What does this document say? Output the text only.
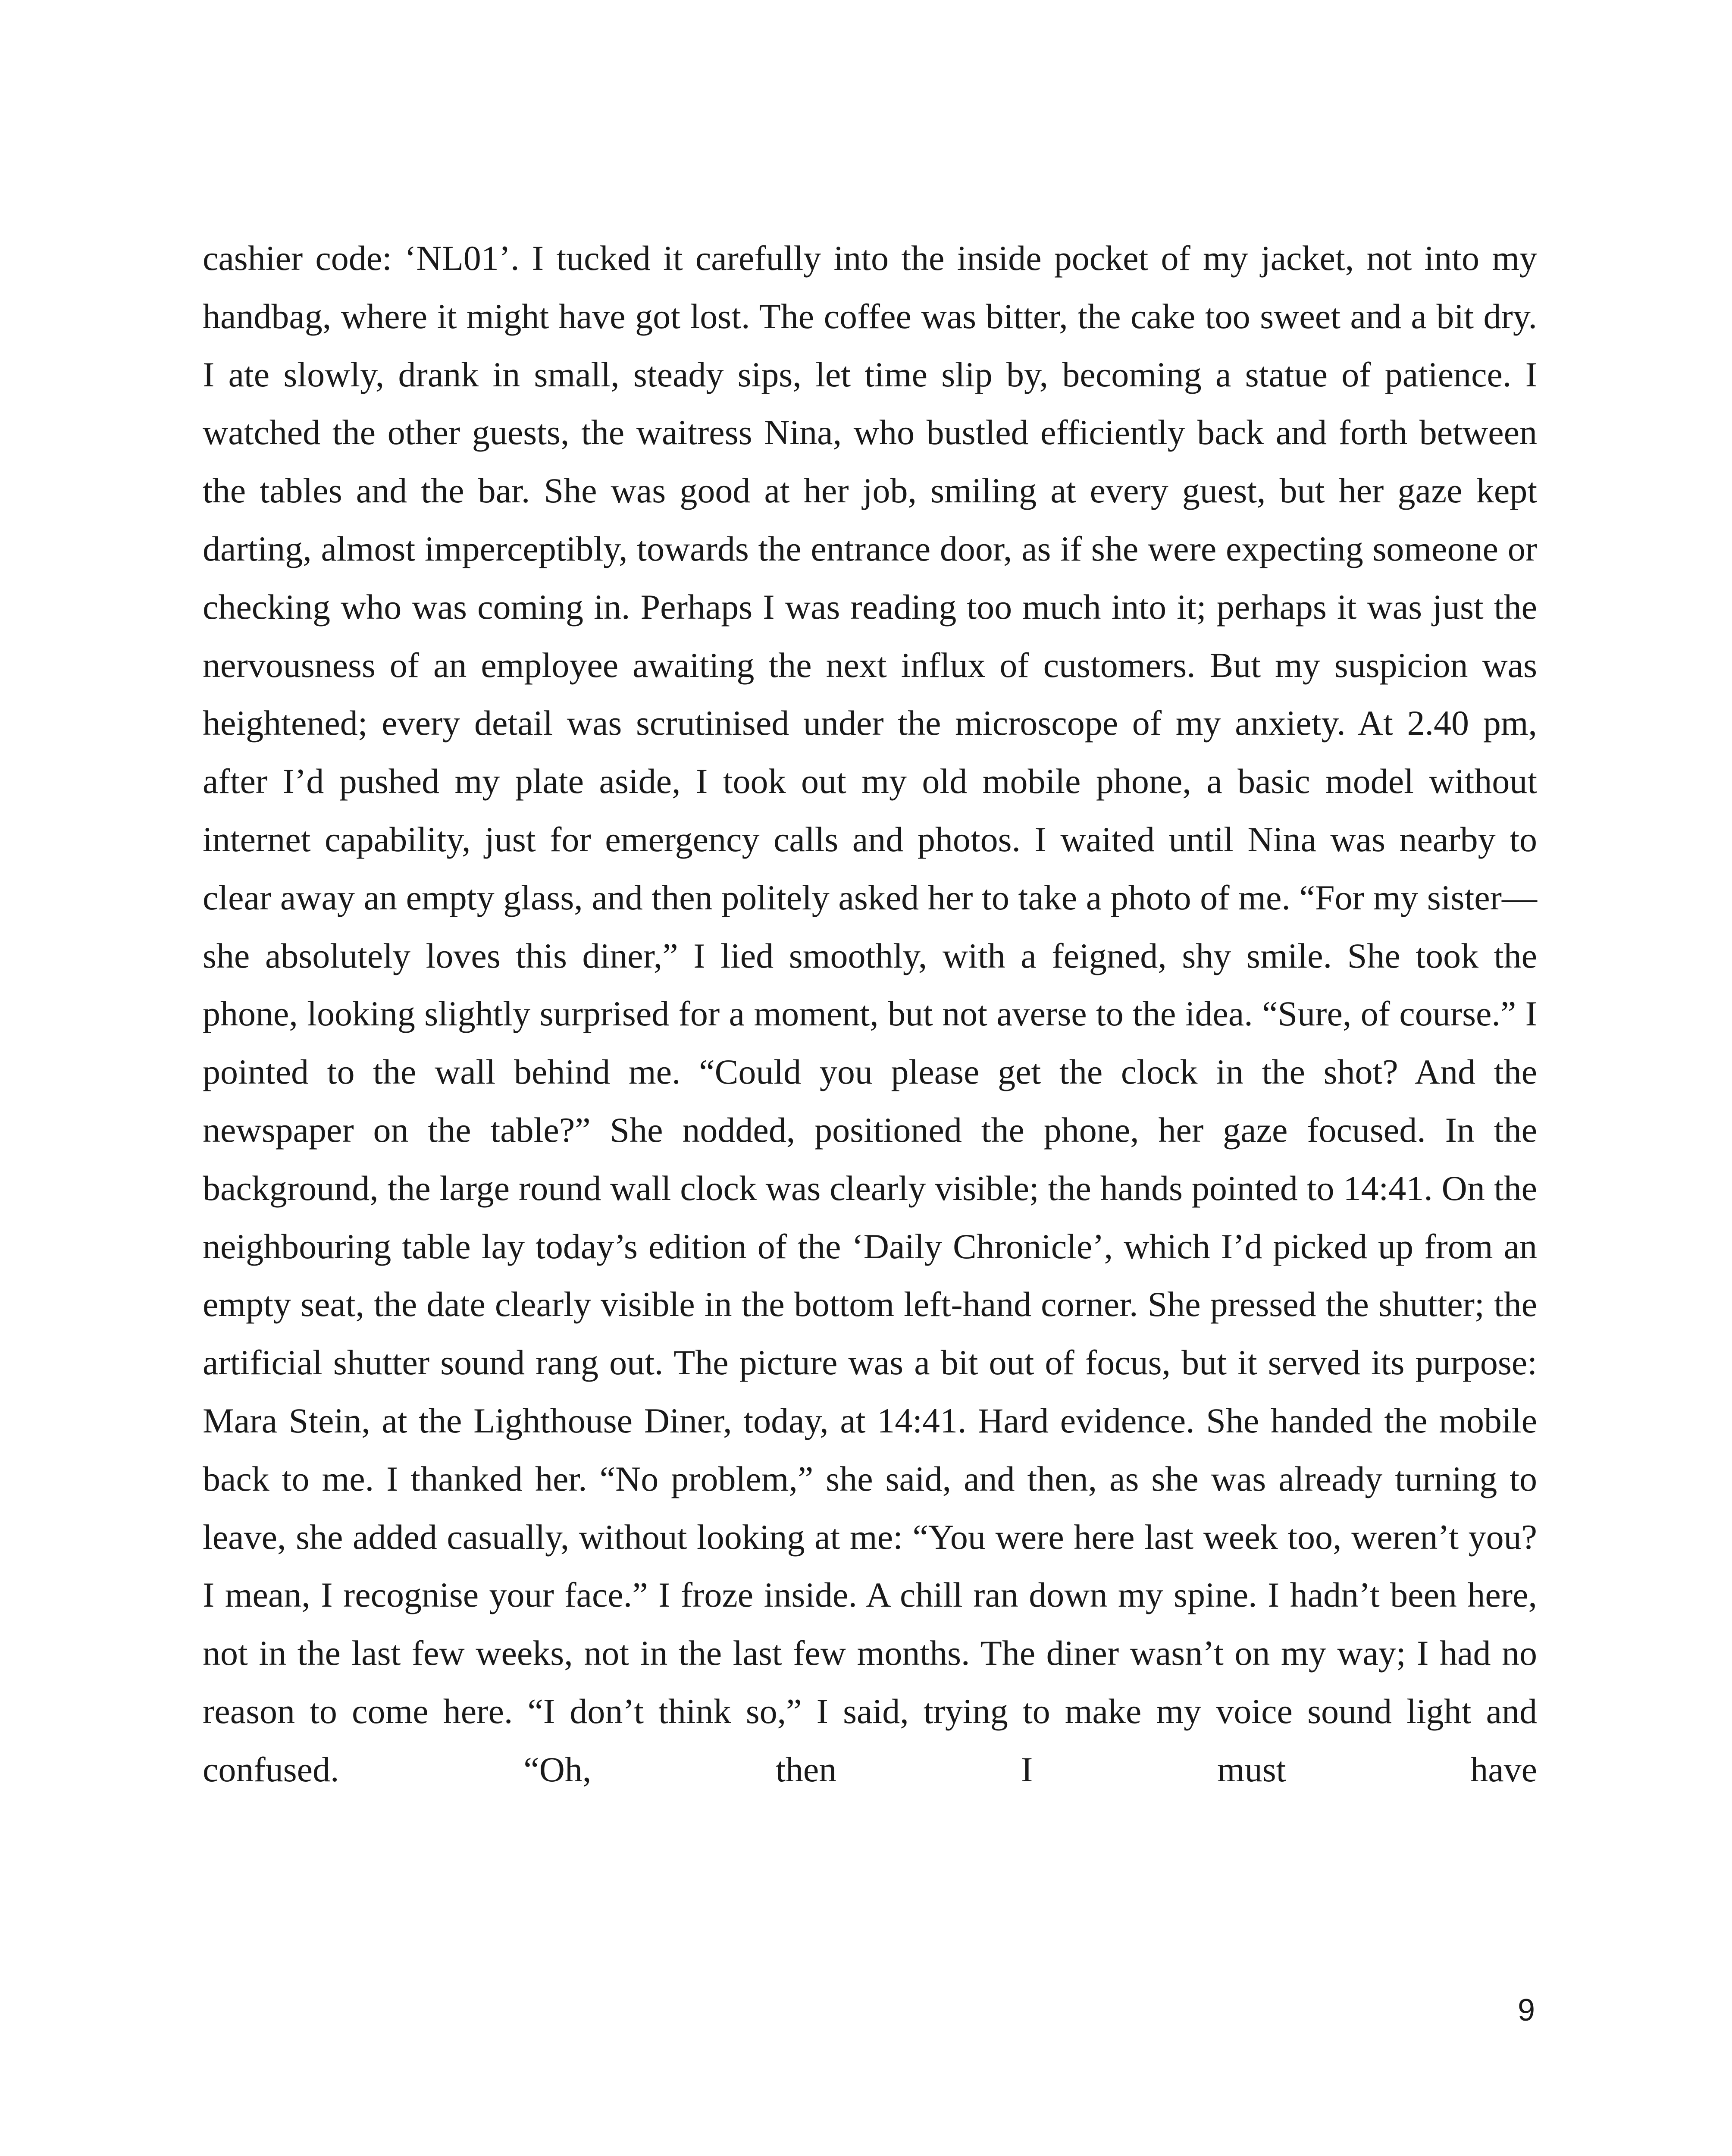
cashier code: ‘NL01’. I tucked it carefully into the inside pocket of my jacket, not into my handbag, where it might have got lost. The coffee was bitter, the cake too sweet and a bit dry. I ate slowly, drank in small, steady sips, let time slip by, becoming a statue of patience. I watched the other guests, the waitress Nina, who bustled efficiently back and forth between the tables and the bar. She was good at her job, smiling at every guest, but her gaze kept darting, almost imperceptibly, towards the entrance door, as if she were expecting someone or checking who was coming in. Perhaps I was reading too much into it; perhaps it was just the nervousness of an employee awaiting the next influx of customers. But my suspicion was heightened; every detail was scrutinised under the microscope of my anxiety. At 2.40 pm, after I’d pushed my plate aside, I took out my old mobile phone, a basic model without internet capability, just for emergency calls and photos. I waited until Nina was nearby to clear away an empty glass, and then politely asked her to take a photo of me. “For my sister—she absolutely loves this diner,” I lied smoothly, with a feigned, shy smile. She took the phone, looking slightly surprised for a moment, but not averse to the idea. “Sure, of course.” I pointed to the wall behind me. “Could you please get the clock in the shot? And the newspaper on the table?” She nodded, positioned the phone, her gaze focused. In the background, the large round wall clock was clearly visible; the hands pointed to 14:41. On the neighbouring table lay today’s edition of the ‘Daily Chronicle’, which I’d picked up from an empty seat, the date clearly visible in the bottom left-hand corner. She pressed the shutter; the artificial shutter sound rang out. The picture was a bit out of focus, but it served its purpose: Mara Stein, at the Lighthouse Diner, today, at 14:41. Hard evidence. She handed the mobile back to me. I thanked her. “No problem,” she said, and then, as she was already turning to leave, she added casually, without looking at me: “You were here last week too, weren’t you? I mean, I recognise your face.” I froze inside. A chill ran down my spine. I hadn’t been here, not in the last few weeks, not in the last few months. The diner wasn’t on my way; I had no reason to come here. “I don’t think so,” I said, trying to make my voice sound light and confused. “Oh, then I must have

9
